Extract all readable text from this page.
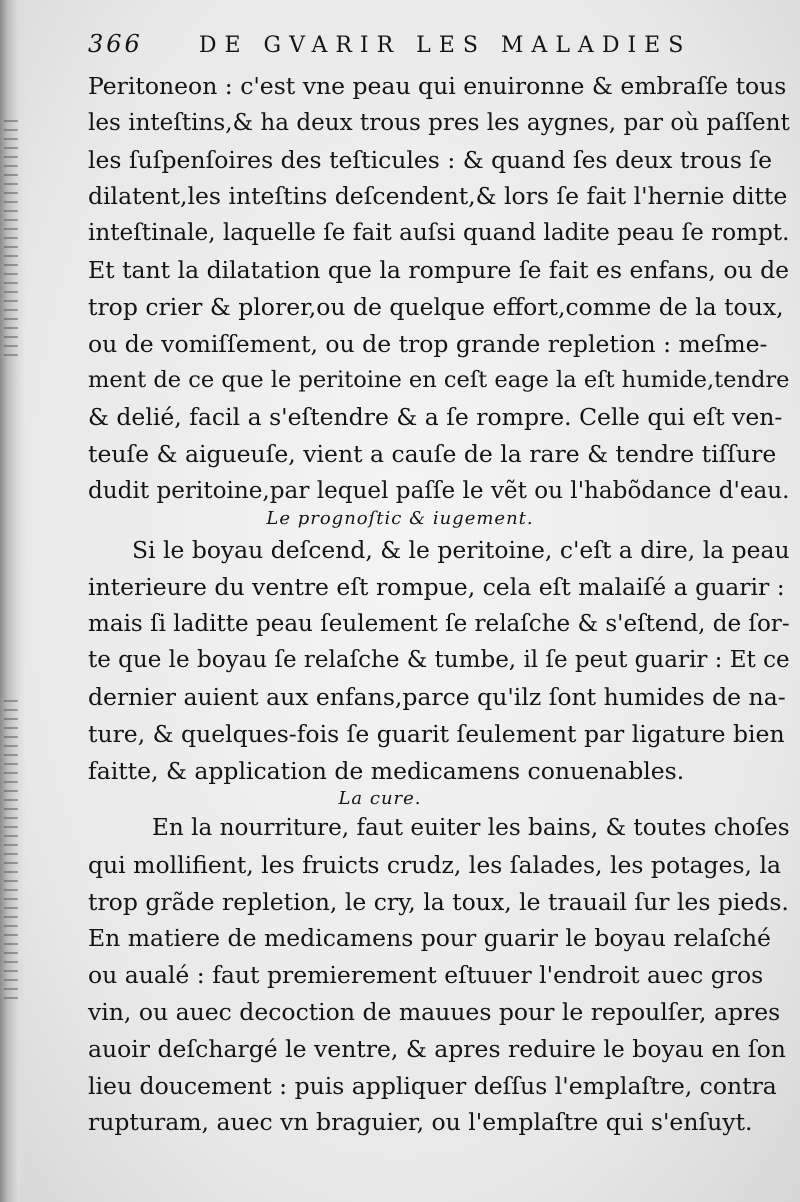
366	DE GVARIR LES MALADIES
Peritoneon : c'est vne peau qui enuironne & embraſſe tous
les inteſtins,& ha deux trous pres les aygnes, par où paſſent
les ſuſpenſoires des teſticules : & quand ſes deux trous ſe
dilatent,les inteſtins deſcendent,& lors ſe fait l'hernie ditte
inteſtinale, laquelle ſe fait auſsi quand ladite peau ſe rompt.
Et tant la dilatation que la rompure ſe fait es enfans, ou de
trop crier & plorer,ou de quelque effort,comme de la toux,
ou de vomiſſement, ou de trop grande repletion : meſme-
ment de ce que le peritoine en ceſt eage la eſt humide,tendre
& delié, facil a s'eſtendre & a ſe rompre. Celle qui eſt ven-
teuſe & aigueuſe, vient a cauſe de la rare & tendre tiſſure
dudit peritoine,par lequel paſſe le vẽt ou l'habõdance d'eau.
Le prognoſtic & iugement.
Si le boyau deſcend, & le peritoine, c'eſt a dire, la peau
interieure du ventre eſt rompue, cela eſt malaiſé a guarir :
mais ſi laditte peau ſeulement ſe relaſche & s'eſtend, de ſor-
te que le boyau ſe relaſche & tumbe, il ſe peut guarir : Et ce
dernier auient aux enfans,parce qu'ilz ſont humides de na-
ture, & quelques-fois ſe guarit ſeulement par ligature bien
faitte, & application de medicamens conuenables.
La cure.
En la nourriture, faut euiter les bains, & toutes choſes
qui mollifient, les fruicts crudz, les ſalades, les potages, la
trop grãde repletion, le cry, la toux, le trauail ſur les pieds.
En matiere de medicamens pour guarir le boyau relaſché
ou aualé : faut premierement eſtuuer l'endroit auec gros
vin, ou auec decoction de mauues pour le repoulſer, apres
auoir deſchargé le ventre, & apres reduire le boyau en ſon
lieu doucement : puis appliquer deſſus l'emplaſtre, contra
rupturam, auec vn braguier, ou l'emplaſtre qui s'enſuyt.
